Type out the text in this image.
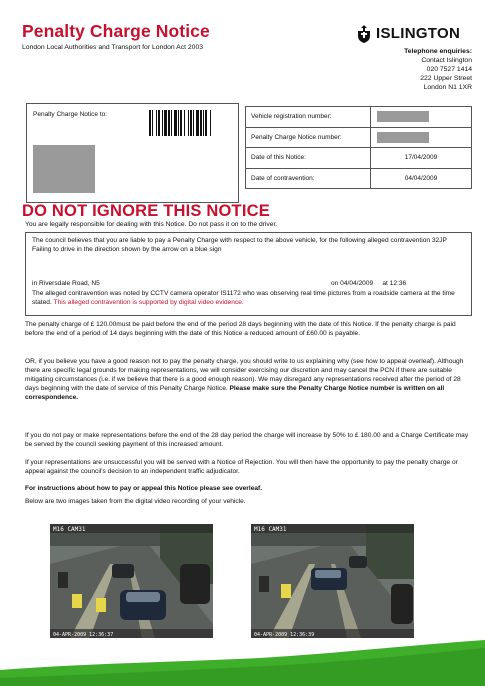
Penalty Charge Notice
London Local Authorities and Transport for London Act 2003
ISLINGTON
Telephone enquiries:
Contact Islington
020 7527 1414
222 Upper Street
London N1 1XR
Penalty Charge Notice to:	Vehicle registration number:	
Penalty Charge Notice number:	
Date of this Notice:	17/04/2009
Date of contravention:	04/04/2009
DO NOT IGNORE THIS NOTICE
You are legally responsible for dealing with this Notice. Do not pass it on to the driver.
The council believes that you are liable to pay a Penalty Charge with respect to the above vehicle, for the following alleged contravention 32JP Failing to drive in the direction shown by the arrow on a blue sign
in Riversdale Road, N5	on 04/04/2009     at 12:36
The alleged contravention was noted by CCTV camera operator IS1172 who was observing real time pictures from a roadside camera at the time stated. This alleged contravention is supported by digital video evidence.
The penalty charge of £ 120.00must be paid before the end of the period 28 days beginning with the date of this Notice. If the penalty charge is paid before the end of a period of 14 days beginning with the date of this Notice a reduced amount of £60.00 is payable.
OR, if you believe you have a good reason not to pay the penalty charge, you should write to us explaining why (see how to appeal overleaf). Although there are specific legal grounds for making representations, we will consider exercising our discretion and may cancel the PCN if there are suitable mitigating circumstances (i.e. if we believe that there is a good enough reason). We may disregard any representations received after the period of 28 days beginning with the date of service of this Penalty Charge Notice. Please make sure the Penalty Charge Notice number is written on all correspondence.
If you do not pay or make representations before the end of the 28 day period the charge will increase by 50% to £ 180.00 and a Charge Certificate may be served by the council seeking payment of this increased amount.
If your representations are unsuccessful you will be served with a Notice of Rejection. You will then have the opportunity to pay the penalty charge or appeal against the council's decision to an independent traffic adjudicator.
For instructions about how to pay or appeal this Notice please see overleaf.
Below are two images taken from the digital video recording of your vehicle.
M16 CAM31
04-APR-2009 12:36:37
M16 CAM31
04-APR-2009 12:36:39
